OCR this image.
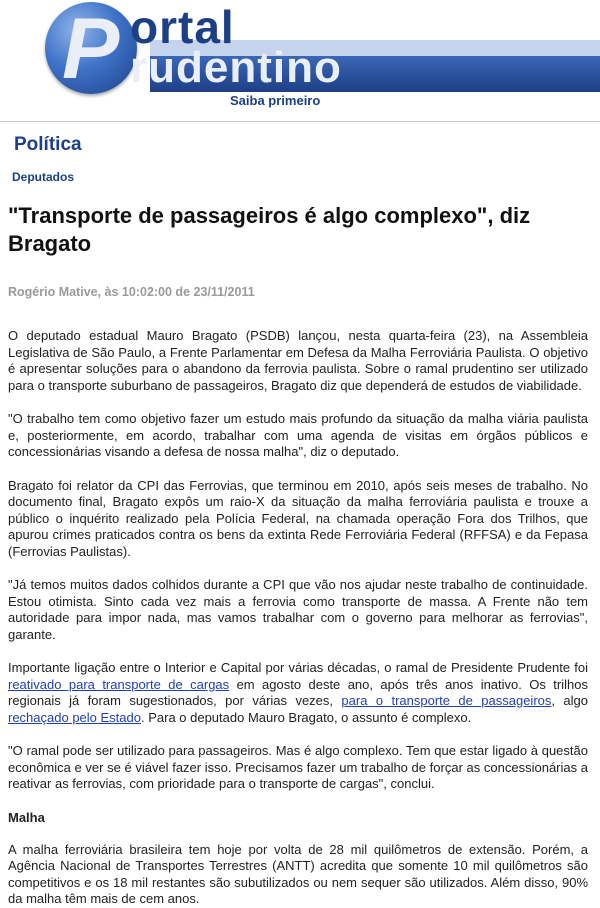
P ortal
rudentino
Saiba primeiro
Política
Deputados
"Transporte de passageiros é algo complexo", diz Bragato
Rogério Mative, às 10:02:00 de 23/11/2011

O deputado estadual Mauro Bragato (PSDB) lançou, nesta quarta-feira (23), na Assembleia Legislativa de São Paulo, a Frente Parlamentar em Defesa da Malha Ferroviária Paulista. O objetivo é apresentar soluções para o abandono da ferrovia paulista. Sobre o ramal prudentino ser utilizado para o transporte suburbano de passageiros, Bragato diz que dependerá de estudos de viabilidade.

"O trabalho tem como objetivo fazer um estudo mais profundo da situação da malha viária paulista e, posteriormente, em acordo, trabalhar com uma agenda de visitas em órgãos públicos e concessionárias visando a defesa de nossa malha", diz o deputado.

Bragato foi relator da CPI das Ferrovias, que terminou em 2010, após seis meses de trabalho. No documento final, Bragato expôs um raio-X da situação da malha ferroviária paulista e trouxe a público o inquérito realizado pela Polícia Federal, na chamada operação Fora dos Trilhos, que apurou crimes praticados contra os bens da extinta Rede Ferroviária Federal (RFFSA) e da Fepasa (Ferrovias Paulistas).

"Já temos muitos dados colhidos durante a CPI que vão nos ajudar neste trabalho de continuidade. Estou otimista. Sinto cada vez mais a ferrovia como transporte de massa. A Frente não tem autoridade para impor nada, mas vamos trabalhar com o governo para melhorar as ferrovias", garante.

Importante ligação entre o Interior e Capital por várias décadas, o ramal de Presidente Prudente foi reativado para transporte de cargas em agosto deste ano, após três anos inativo. Os trilhos regionais já foram sugestionados, por várias vezes, para o transporte de passageiros, algo rechaçado pelo Estado. Para o deputado Mauro Bragato, o assunto é complexo.

"O ramal pode ser utilizado para passageiros. Mas é algo complexo. Tem que estar ligado à questão econômica e ver se é viável fazer isso. Precisamos fazer um trabalho de forçar as concessionárias a reativar as ferrovias, com prioridade para o transporte de cargas", conclui.

Malha

A malha ferroviária brasileira tem hoje por volta de 28 mil quilômetros de extensão. Porém, a Agência Nacional de Transportes Terrestres (ANTT) acredita que somente 10 mil quilômetros são competitivos e os 18 mil restantes são subutilizados ou nem sequer são utilizados. Além disso, 90% da malha têm mais de cem anos.
